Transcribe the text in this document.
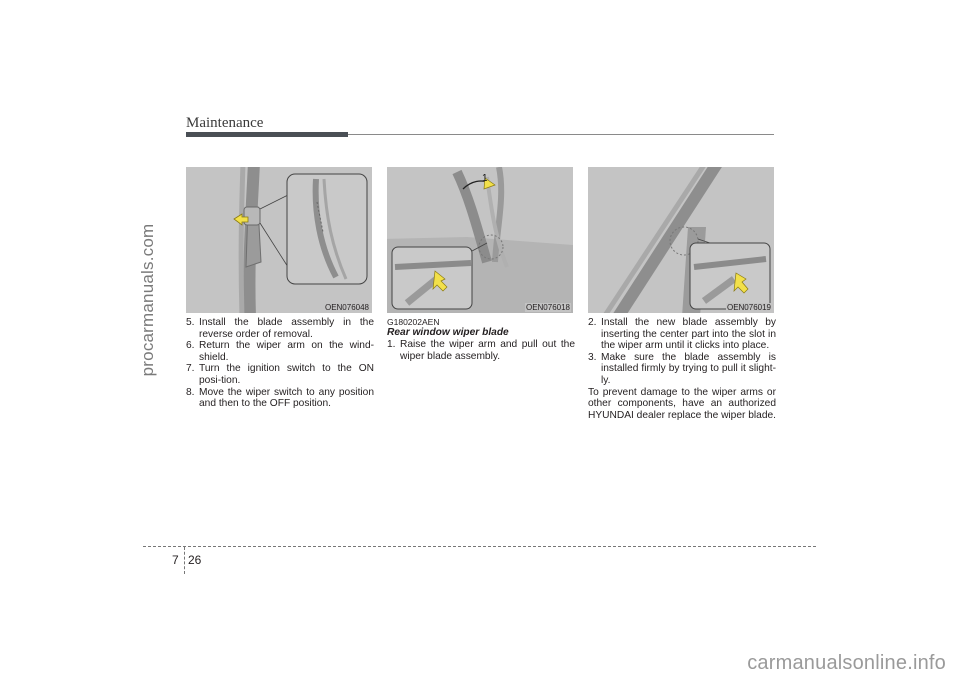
procarmanuals.com
carmanualsonline.info
Maintenance
OEN076048
1
OEN076018	OEN076019

5. Install the blade assembly in the reverse order of removal.

6. Return the wiper arm on the wind-shield.

7. Turn the ignition switch to the ON posi-tion.

8. Move the wiper switch to any position and then to the OFF position.

G180202AEN
Rear window wiper blade

1. Raise the wiper arm and pull out the wiper blade assembly.

2. Install the new blade assembly by inserting the center part into the slot in the wiper arm until it clicks into place.

3. Make sure the blade assembly is installed firmly by trying to pull it slight-ly.

To prevent damage to the wiper arms or other components, have an authorized HYUNDAI dealer replace the wiper blade.

7 26
